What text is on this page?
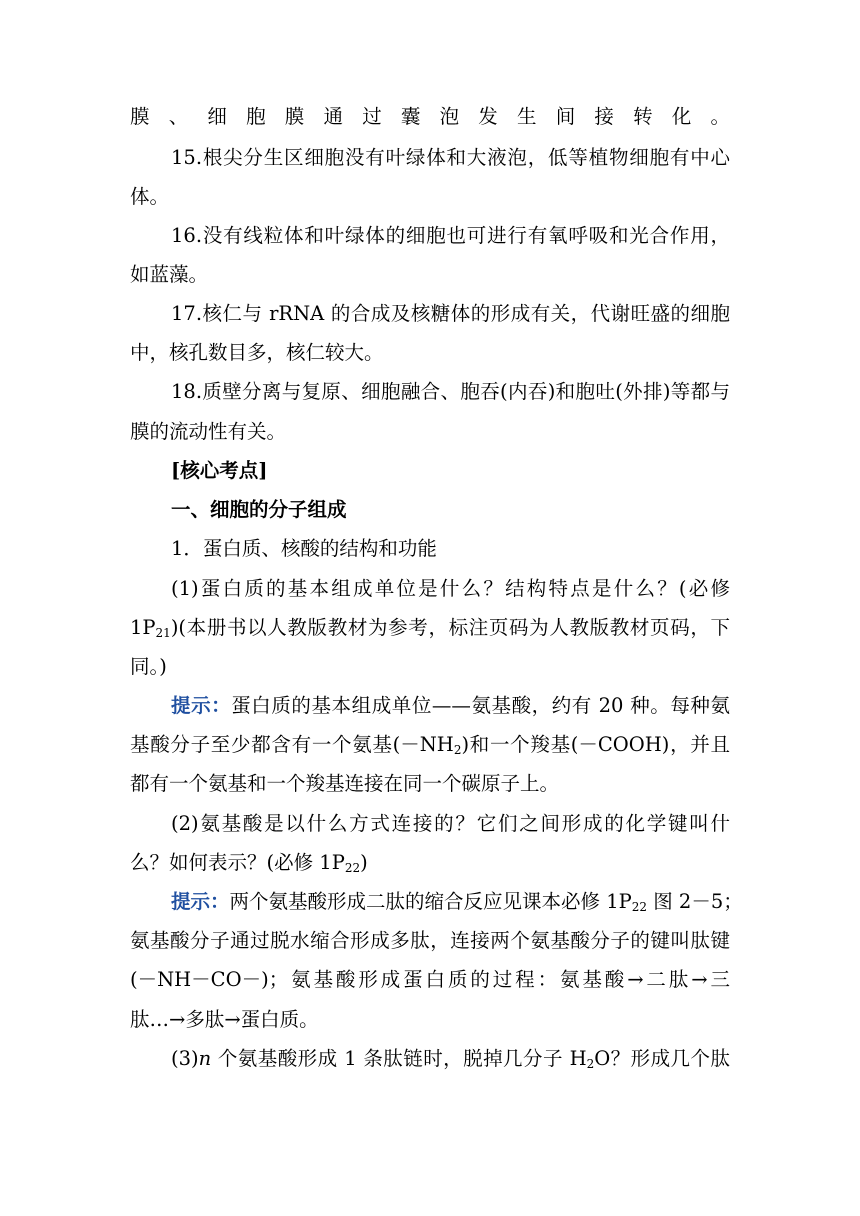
膜、细胞膜通过囊泡发生间接转化。
15.根尖分生区细胞没有叶绿体和大液泡，低等植物细胞有中心
体。
16.没有线粒体和叶绿体的细胞也可进行有氧呼吸和光合作用，
如蓝藻。
17.核仁与 rRNA 的合成及核糖体的形成有关，代谢旺盛的细胞
中，核孔数目多，核仁较大。
18.质壁分离与复原、细胞融合、胞吞(内吞)和胞吐(外排)等都与
膜的流动性有关。
[核心考点]
一、细胞的分子组成
1．蛋白质、核酸的结构和功能
(1)蛋白质的基本组成单位是什么？结构特点是什么？(必修
$1P_{21}$)(本册书以人教版教材为参考，标注页码为人教版教材页码，下
同。)
提示：蛋白质的基本组成单位——氨基酸，约有 20 种。每种氨
基酸分子至少都含有一个氨基$(-NH_2)$和一个羧基(－COOH)，并且
都有一个氨基和一个羧基连接在同一个碳原子上。
(2)氨基酸是以什么方式连接的？它们之间形成的化学键叫什
么？如何表示？(必修 $1P_{22}$)
提示：两个氨基酸形成二肽的缩合反应见课本必修 $1P_{22}$ 图 2－5；
氨基酸分子通过脱水缩合形成多肽，连接两个氨基酸分子的键叫肽键
(－NH－CO－)；氨基酸形成蛋白质的过程：氨基酸→二肽→三
肽…→多肽→蛋白质。
(3)n 个氨基酸形成 1 条肽链时，脱掉几分子 $H_2O$？形成几个肽
